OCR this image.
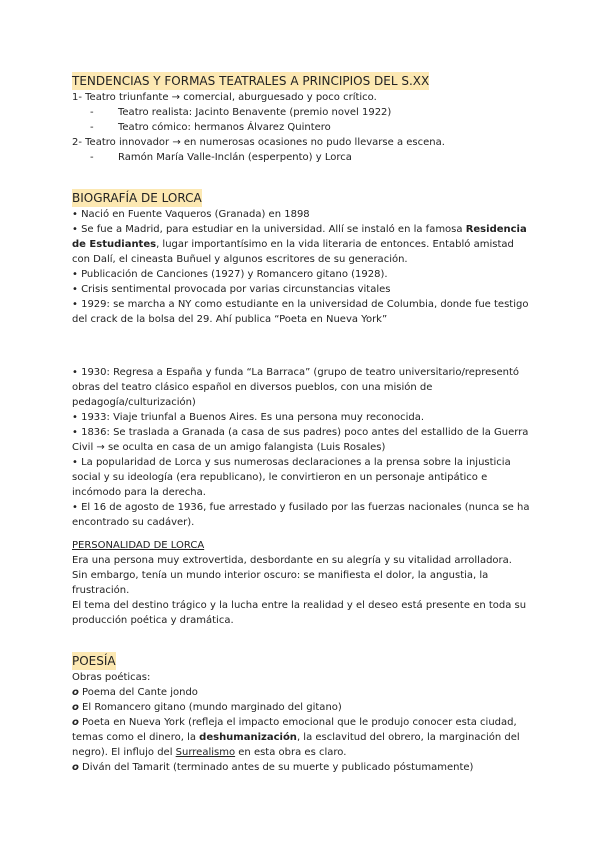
TENDENCIAS Y FORMAS TEATRALES A PRINCIPIOS DEL S.XX
1- Teatro triunfante → comercial, aburguesado y poco crítico.
- Teatro realista: Jacinto Benavente (premio novel 1922)
- Teatro cómico: hermanos Álvarez Quintero
2- Teatro innovador → en numerosas ocasiones no pudo llevarse a escena.
- Ramón María Valle-Inclán (esperpento) y Lorca
BIOGRAFÍA DE LORCA
• Nació en Fuente Vaqueros (Granada) en 1898
• Se fue a Madrid, para estudiar en la universidad. Allí se instaló en la famosa Residencia de Estudiantes, lugar importantísimo en la vida literaria de entonces. Entabló amistad con Dalí, el cineasta Buñuel y algunos escritores de su generación.
• Publicación de Canciones (1927) y Romancero gitano (1928).
• Crisis sentimental provocada por varias circunstancias vitales
• 1929: se marcha a NY como estudiante en la universidad de Columbia, donde fue testigo del crack de la bolsa del 29. Ahí publica “Poeta en Nueva York”
• 1930: Regresa a España y funda “La Barraca” (grupo de teatro universitario/representó obras del teatro clásico español en diversos pueblos, con una misión de pedagogía/culturización)
• 1933: Viaje triunfal a Buenos Aires. Es una persona muy reconocida.
• 1836: Se traslada a Granada (a casa de sus padres) poco antes del estallido de la Guerra Civil → se oculta en casa de un amigo falangista (Luis Rosales)
• La popularidad de Lorca y sus numerosas declaraciones a la prensa sobre la injusticia social y su ideología (era republicano), le convirtieron en un personaje antipático e incómodo para la derecha.
• El 16 de agosto de 1936, fue arrestado y fusilado por las fuerzas nacionales (nunca se ha encontrado su cadáver).
PERSONALIDAD DE LORCA
Era una persona muy extrovertida, desbordante en su alegría y su vitalidad arrolladora.
Sin embargo, tenía un mundo interior oscuro: se manifiesta el dolor, la angustia, la frustración.
El tema del destino trágico y la lucha entre la realidad y el deseo está presente en toda su producción poética y dramática.
POESÍA
Obras poéticas:
o Poema del Cante jondo
o El Romancero gitano (mundo marginado del gitano)
o Poeta en Nueva York (refleja el impacto emocional que le produjo conocer esta ciudad, temas como el dinero, la deshumanización, la esclavitud del obrero, la marginación del negro). El influjo del Surrealismo en esta obra es claro.
o Diván del Tamarit (terminado antes de su muerte y publicado póstumamente)
